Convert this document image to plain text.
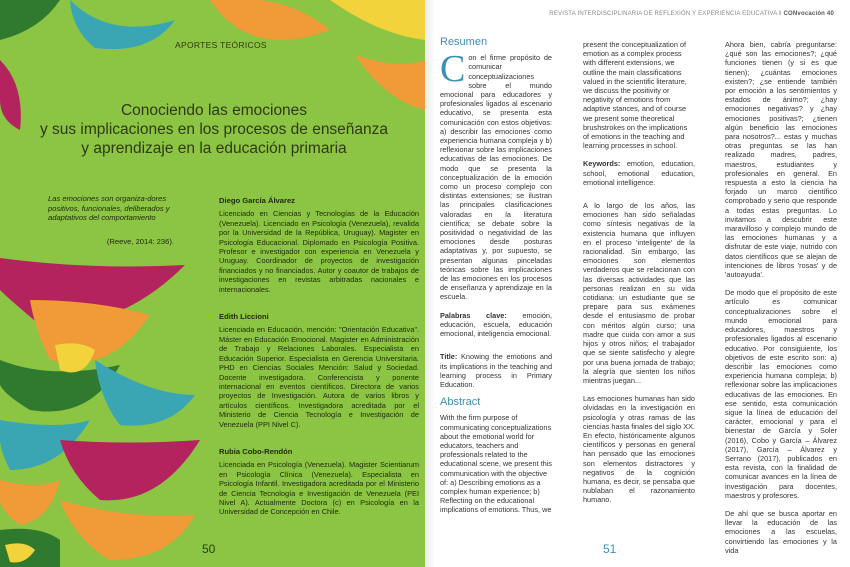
APORTES TEÓRICOS
Conociendo las emociones
y sus implicaciones en los procesos de enseñanza
y aprendizaje en la educación primaria
Las emociones son organiza-dores positivos, funcionales, deliberados y adaptativos del comportamiento
(Reeve, 2014: 236).
Diego García Álvarez
Licenciado en Ciencias y Tecnologías de la Educación (Venezuela). Licenciado en Psicología (Venezuela), revalida por la Universidad de la República, Uruguay). Magister en Psicología Educacional. Diplomado en Psicología Positiva. Profesor e investigador con experiencia en Venezuela y Uruguay. Coordinador de proyectos de investigación financiados y no financiados. Autor y coautor de trabajos de investigaciones en revistas arbitradas nacionales e internacionales.
Edith Liccioni
Licenciada en Educación, mención: "Orientación Educativa". Máster en Educación Emocional. Magister en Administración de Trabajo y Relaciones Laborales. Especialista en Educación Superior. Especialista en Gerencia Universitaria. PHD en Ciencias Sociales Mención: Salud y Sociedad. Docente investigadora. Conferencista y ponente internacional en eventos científicos. Directora de varios proyectos de Investigación. Autora de varios libros y artículos científicos. Investigadora acreditada por el Ministerio de Ciencia Tecnología e Investigación de Venezuela (PPI Nivel C).
Rubia Cobo-Rendón
Licenciada en Psicología (Venezuela). Magister Scientiarum en Psicología Clínica (Venezuela). Especialista en Psicología Infantil. Investigadora acreditada por el Ministerio de Ciencia Tecnología e Investigación de Venezuela (PEI Nivel A). Actualmente Doctora (c) en Psicología en la Universidad de Concepción en Chile.
50
REVISTA INTERDISCIPLINARIA DE REFLEXIÓN Y EXPERIENCIA EDUCATIVA ‖ CONvocación 40
Resumen
Con el firme propósito de comunicar conceptualizaciones sobre el mundo emocional para educadores y profesionales ligados al escenario educativo, se presenta esta comunicación con estos objetivos: a) describir las emociones como experiencia humana compleja y b) reflexionar sobre las implicaciones educativas de las emociones. De modo que se presenta la conceptualización de la emoción como un proceso complejo con distintas extensiones; se ilustran las principales clasificaciones valoradas en la literatura científica; se debate sobre la positividad o negatividad de las emociones desde posturas adaptativas y, por supuesto, se presentan algunas pinceladas teóricas sobre las implicaciones de las emociones en los procesos de enseñanza y aprendizaje en la escuela.
Palabras clave: emoción, educación, escuela, educación emocional, inteligencia emocional.
Title: Knowing the emotions and its implications in the teaching and learning process in Primary Education.
Abstract
With the firm purpose of communicating conceptualizations about the emotional world for educators, teachers and professionals related to the educational scene, we present this communication with the objective of: a) Describing emotions as a complex human experience; b) Reflecting on the educational implications of emotions. Thus, we
present the conceptualization of emotion as a complex process with different extensions, we outline the main classifications valued in the scientific literature, we discuss the positivity or negativity of emotions from adaptive stances, and of course we present some theoretical brushstrokes on the implications of emotions in the teaching and learning processes in school.
Keywords: emotion, education, school, emotional education, emotional intelligence.
A lo largo de los años, las emociones han sido señaladas como síntesis negativas de la existencia humana que influyen en el proceso 'inteligente' de la racionalidad. Sin embargo, las emociones son elementos verdaderos que se relacionan con las diversas actividades que las personas realizan en su vida cotidiana: un estudiante que se prepare para sus exámenes desde el entusiasmo de probar con méritos algún curso; una madre que cuida con amor a sus hijos y otros niños; el trabajador que se siente satisfecho y alegre por una buena jornada de trabajo; la alegría que sienten los niños mientras juegan...
Las emociones humanas han sido olvidadas en la investigación en psicología y otras ramas de las ciencias hasta finales del siglo XX. En efecto, históricamente algunos científicos y personas en general han pensado que las emociones son elementos distractores y negativos de la cognición humana, es decir, se pensaba que nublaban el razonamiento humano.
Ahora bien, cabría preguntarse: ¿qué son las emociones?; ¿qué funciones tienen (y si es que tienen); ¿cuántas emociones existen?; ¿se entiende también por emoción a los sentimientos y estados de ánimo?; ¿hay emociones negativas? y ¿hay emociones positivas?; ¿tienen algún beneficio las emociones para nosotros?... estas y muchas otras preguntas se las han realizado madres, padres, maestros, estudiantes y profesionales en general. En respuesta a esto la ciencia ha forjado un marco científico comprobado y serio que responde a todas estas preguntas. Lo invitamos a descubrir este maravilloso y complejo mundo de las emociones humanas y a disfrutar de este viaje, nutrido con datos científicos que se alejan de intenciones de libros 'rosas' y de 'autoayuda'.
De modo que el propósito de este artículo es comunicar conceptualizaciones sobre el mundo emocional para educadores, maestros y profesionales ligados al escenario educativo. Por consiguiente, los objetivos de este escrito son: a) describir las emociones como experiencia humana compleja; b) reflexionar sobre las implicaciones educativas de las emociones. En ese sentido, esta comunicación sigue la línea de educación del carácter, emocional y para el bienestar de García y Soler (2016), Cobo y García – Álvarez (2017), García – Álvarez y Serrano (2017), publicados en esta revista, con la finalidad de comunicar avances en la línea de investigación para docentes, maestros y profesores.
De ahí que se busca aportar en llevar la educación de las emociones a las escuelas, convirtiendo las emociones y la vida
51
